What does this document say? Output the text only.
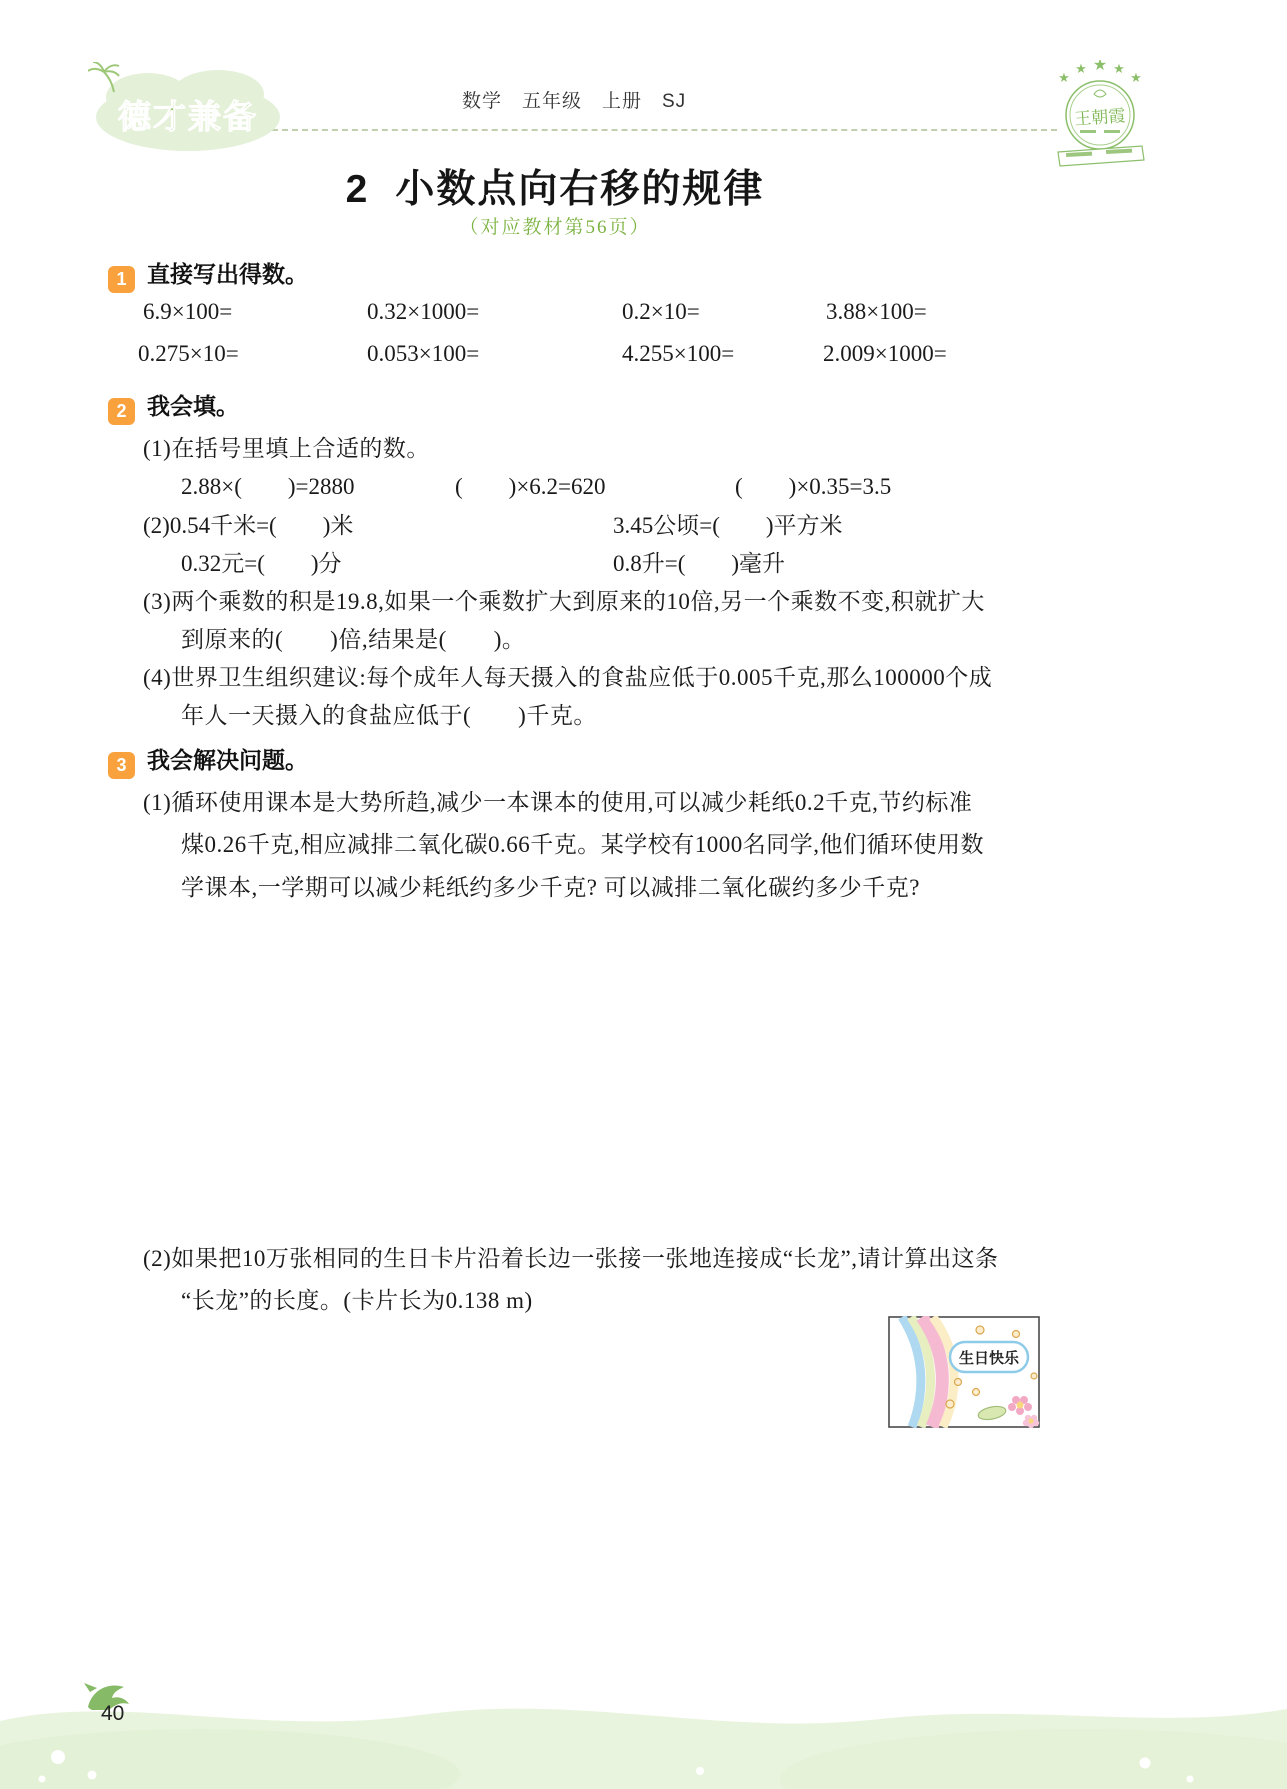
德才兼备	数学　五年级　上册　SJ
★
★ ★ ★
★
王朝霞
2 小数点向右移的规律
（对应教材第56页）
1 直接写出得数。
6.9×100=	0.32×1000=	0.2×10=	3.88×100=
0.275×10=	0.053×100=	4.255×100=	2.009×1000=
2 我会填。
(1)在括号里填上合适的数。
2.88×(　　)=2880	(　　)×6.2=620	(　　)×0.35=3.5
(2)0.54千米=(　　)米	3.45公顷=(　　)平方米
0.32元=(　　)分	0.8升=(　　)毫升
(3)两个乘数的积是19.8,如果一个乘数扩大到原来的10倍,另一个乘数不变,积就扩大
到原来的(　　)倍,结果是(　　)。
(4)世界卫生组织建议:每个成年人每天摄入的食盐应低于0.005千克,那么100000个成
年人一天摄入的食盐应低于(　　)千克。
3 我会解决问题。
(1)循环使用课本是大势所趋,减少一本课本的使用,可以减少耗纸0.2千克,节约标准
煤0.26千克,相应减排二氧化碳0.66千克。某学校有1000名同学,他们循环使用数
学课本,一学期可以减少耗纸约多少千克? 可以减排二氧化碳约多少千克?
(2)如果把10万张相同的生日卡片沿着长边一张接一张地连接成“长龙”,请计算出这条
“长龙”的长度。(卡片长为0.138 m)
生日快乐
40
